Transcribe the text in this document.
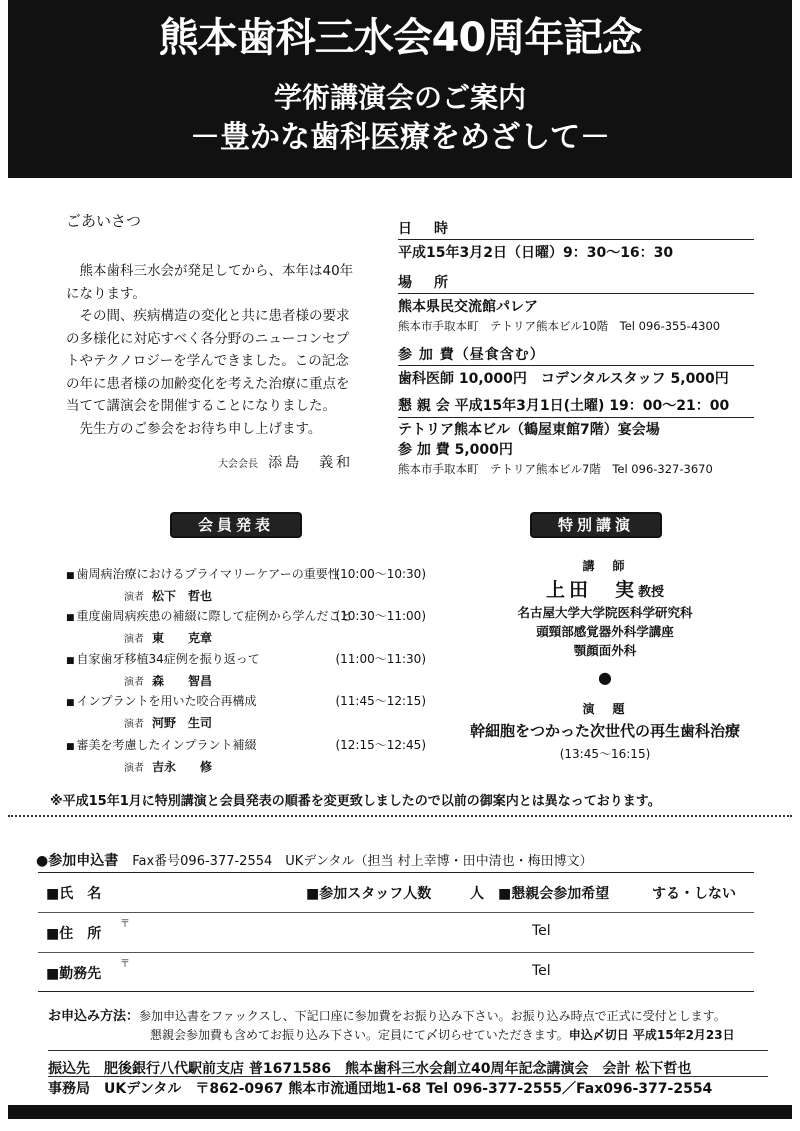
熊本歯科三水会40周年記念
学術講演会のご案内
－豊かな歯科医療をめざして－
ごあいさつ

熊本歯科三水会が発足してから、本年は40年になります。

その間、疾病構造の変化と共に患者様の要求の多様化に対応すべく各分野のニューコンセプトやテクノロジーを学んできました。この記念の年に患者様の加齢変化を考えた治療に重点を当てて講演会を開催することになりました。

先生方のご参会をお待ち申し上げます。

大会会長 添島　義和
日　時
平成15年3月2日（日曜）9：30～16：30
場　所
熊本県民交流館パレア
熊本市手取本町　テトリア熊本ビル10階　Tel 096-355-4300
参 加 費（昼食含む）
歯科医師 10,000円　コデンタルスタッフ 5,000円
懇 親 会 平成15年3月1日(土曜) 19：00～21：00
テトリア熊本ビル（鶴屋東館7階）宴会場
参 加 費 5,000円
熊本市手取本町　テトリア熊本ビル7階　Tel 096-327-3670
会員発表	特別講演
■ 歯周病治療におけるプライマリーケアーの重要性
(10:00～10:30)
演者 松下　哲也
■ 重度歯周病疾患の補綴に際して症例から学んだこと
(10:30～11:00)
演者 東　　克章
■ 自家歯牙移植34症例を振り返って	(11:00～11:30)
演者 森　　智昌
■ インプラントを用いた咬合再構成	(11:45～12:15)
演者 河野　生司
■ 審美を考慮したインプラント補綴	(12:15～12:45)
演者 吉永　　修
講　師
上田　実教授
名古屋大学大学院医科学研究科
頭頸部感覚器外科学講座
顎顔面外科
●
演　題
幹細胞をつかった次世代の再生歯科治療
(13:45～16:15)
※平成15年1月に特別講演と会員発表の順番を変更致しましたので以前の御案内とは異なっております。
●参加申込書 Fax番号096-377-2554　UKデンタル（担当 村上幸博・田中清也・梅田博文）
■氏　名	■参加スタッフ人数	人 ■懇親会参加希望	する・しない
■住　所
〒	Tel
■勤務先
〒	Tel
お申込み方法：参加申込書をファックスし、下記口座に参加費をお振り込み下さい。お振り込み時点で正式に受付とします。
懇親会参加費も含めてお振り込み下さい。定員にて〆切らせていただきます。申込〆切日 平成15年2月23日
振込先　肥後銀行八代駅前支店 普1671586　熊本歯科三水会創立40周年記念講演会　会計 松下哲也
事務局　UKデンタル　〒862-0967 熊本市流通団地1-68 Tel 096-377-2555／Fax096-377-2554
